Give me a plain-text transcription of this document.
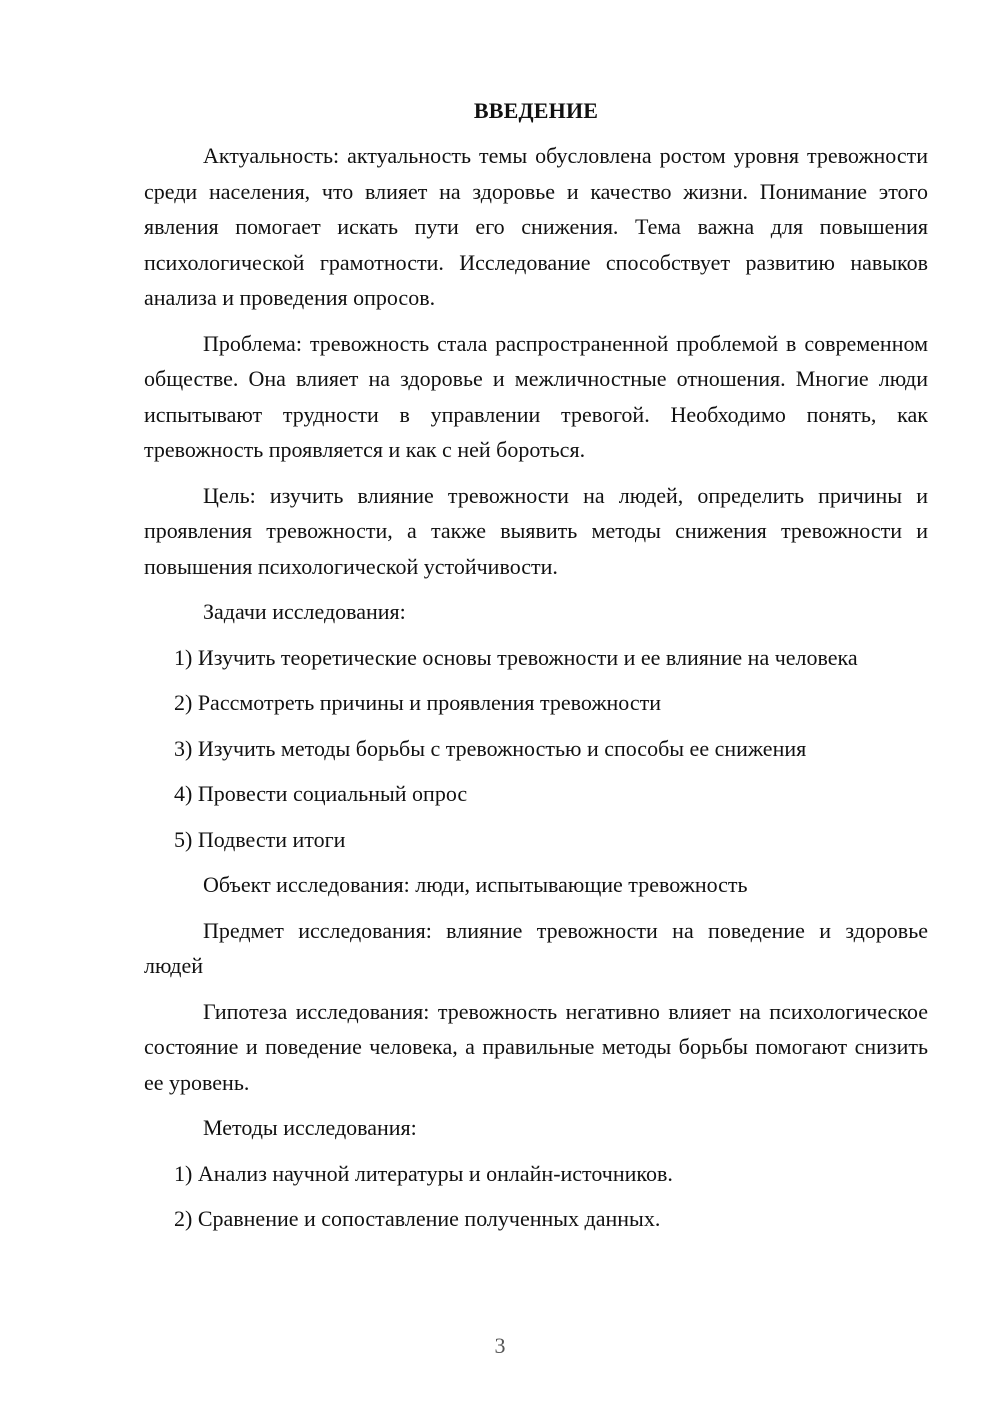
ВВЕДЕНИЕ

Актуальность: актуальность темы обусловлена ростом уровня тревожности среди населения, что влияет на здоровье и качество жизни. Понимание этого явления помогает искать пути его снижения. Тема важна для повышения психологической грамотности. Исследование способствует развитию навыков анализа и проведения опросов.

Проблема: тревожность стала распространенной проблемой в современном обществе. Она влияет на здоровье и межличностные отношения. Многие люди испытывают трудности в управлении тревогой. Необходимо понять, как тревожность проявляется и как с ней бороться.

Цель: изучить влияние тревожности на людей, определить причины и проявления тревожности, а также выявить методы снижения тревожности и повышения психологической устойчивости.

Задачи исследования:

1) Изучить теоретические основы тревожности и ее влияние на человека

2) Рассмотреть причины и проявления тревожности

3) Изучить методы борьбы с тревожностью и способы ее снижения

4) Провести социальный опрос

5) Подвести итоги

Объект исследования: люди, испытывающие тревожность

Предмет исследования: влияние тревожности на поведение и здоровье людей

Гипотеза исследования: тревожность негативно влияет на психологическое состояние и поведение человека, а правильные методы борьбы помогают снизить ее уровень.

Методы исследования:

1) Анализ научной литературы и онлайн-источников.

2) Сравнение и сопоставление полученных данных.

3
